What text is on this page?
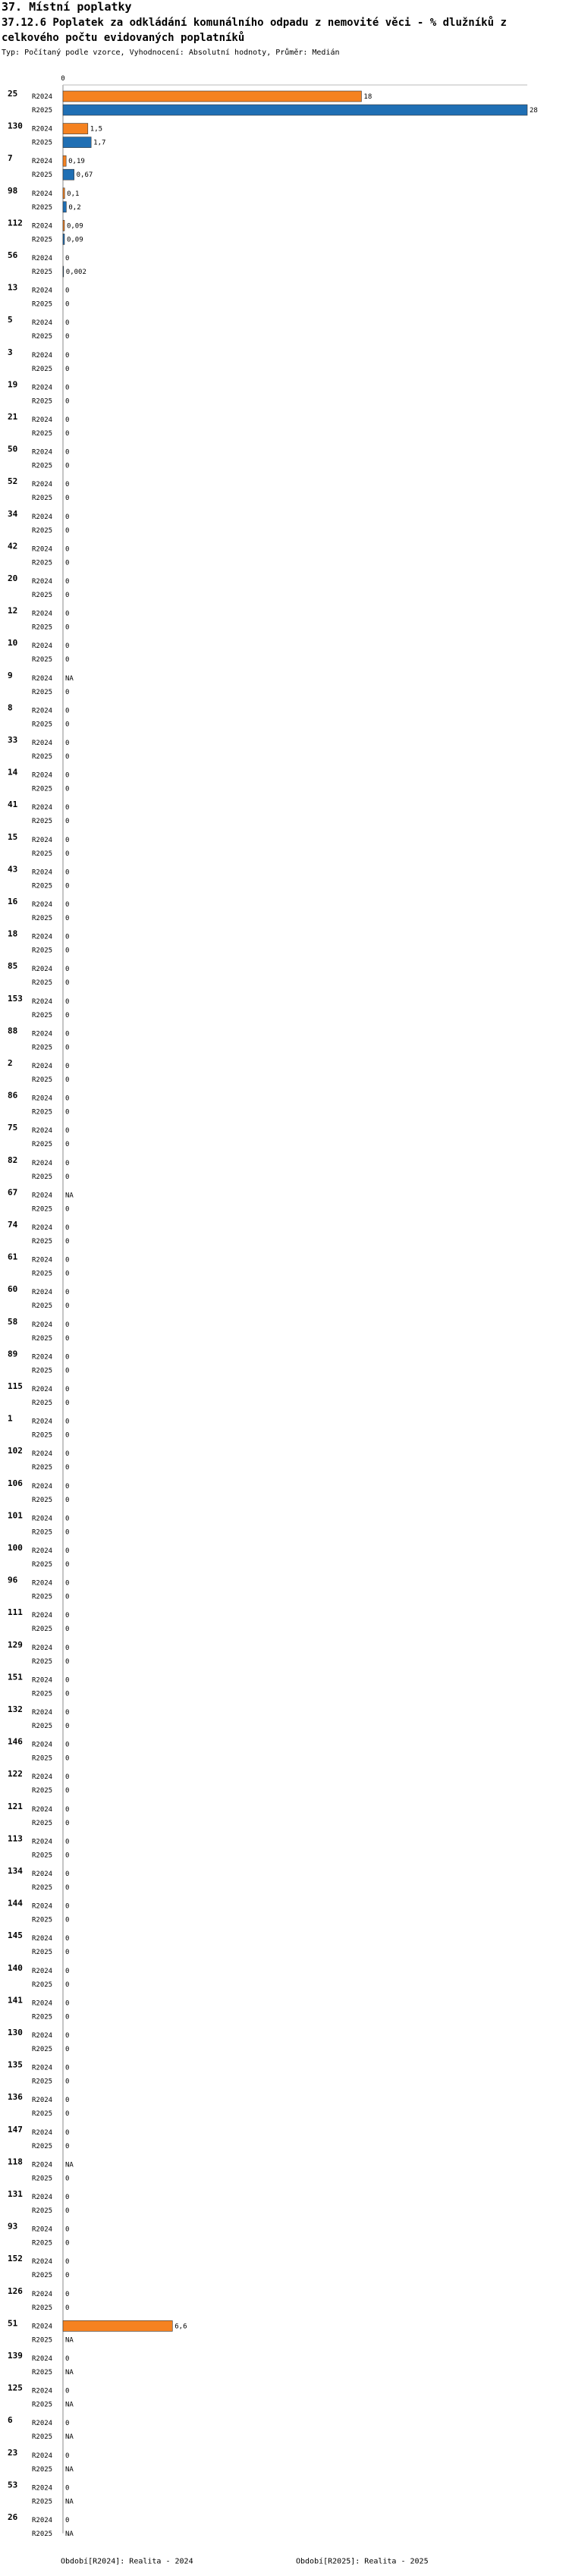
37. Místní poplatky
37.12.6 Poplatek za odkládání komunálního odpadu z nemovité věci - % dlužníků z celkového počtu evidovaných poplatníků
Typ: Počítaný podle vzorce, Vyhodnocení: Absolutní hodnoty, Průměr: Medián
0
25 R2024	18
R2025	28
130 R2024	1,5
R2025	1,7
7	R2024 0,19
R2025	0,67
98 R2024 0,1
R2025 0,2
112 R2024 0,09
R2025 0,09
56 R2024 0
R2025 0,002
13 R2024 0
R2025 0
5	R2024 0
R2025 0
3	R2024 0
R2025 0
19 R2024 0
R2025 0
21 R2024 0
R2025 0
50 R2024 0
R2025 0
52 R2024 0
R2025 0
34 R2024 0
R2025 0
42 R2024 0
R2025 0
20 R2024 0
R2025 0
12 R2024 0
R2025 0
10 R2024 0
R2025 0
9	R2024 NA
R2025 0
8	R2024 0
R2025 0
33 R2024 0
R2025 0
14 R2024 0
R2025 0
41 R2024 0
R2025 0
15 R2024 0
R2025 0
43 R2024 0
R2025 0
16 R2024 0
R2025 0
18 R2024 0
R2025 0
85 R2024 0
R2025 0
153 R2024 0
R2025 0
88 R2024 0
R2025 0
2	R2024 0
R2025 0
86 R2024 0
R2025 0
75 R2024 0
R2025 0
82 R2024 0
R2025 0
67 R2024 NA
R2025 0
74 R2024 0
R2025 0
61 R2024 0
R2025 0
60 R2024 0
R2025 0
58 R2024 0
R2025 0
89 R2024 0
R2025 0
115 R2024 0
R2025 0
1	R2024 0
R2025 0
102 R2024 0
R2025 0
106 R2024 0
R2025 0
101 R2024 0
R2025 0
100 R2024 0
R2025 0
96 R2024 0
R2025 0
111 R2024 0
R2025 0
129 R2024 0
R2025 0
151 R2024 0
R2025 0
132 R2024 0
R2025 0
146 R2024 0
R2025 0
122 R2024 0
R2025 0
121 R2024 0
R2025 0
113 R2024 0
R2025 0
134 R2024 0
R2025 0
144 R2024 0
R2025 0
145 R2024 0
R2025 0
140 R2024 0
R2025 0
141 R2024 0
R2025 0
130 R2024 0
R2025 0
135 R2024 0
R2025 0
136 R2024 0
R2025 0
147 R2024 0
R2025 0
118 R2024 NA
R2025 0
131 R2024 0
R2025 0
93 R2024 0
R2025 0
152 R2024 0
R2025 0
126 R2024 0
R2025 0
51 R2024	6,6
R2025 NA
139 R2024 0
R2025 NA
125 R2024 0
R2025 NA
6	R2024 0
R2025 NA
23 R2024 0
R2025 NA
53 R2024 0
R2025 NA
26 R2024 0
R2025 NA
Období[R2024]: Realita - 2024	Období[R2025]: Realita - 2025
